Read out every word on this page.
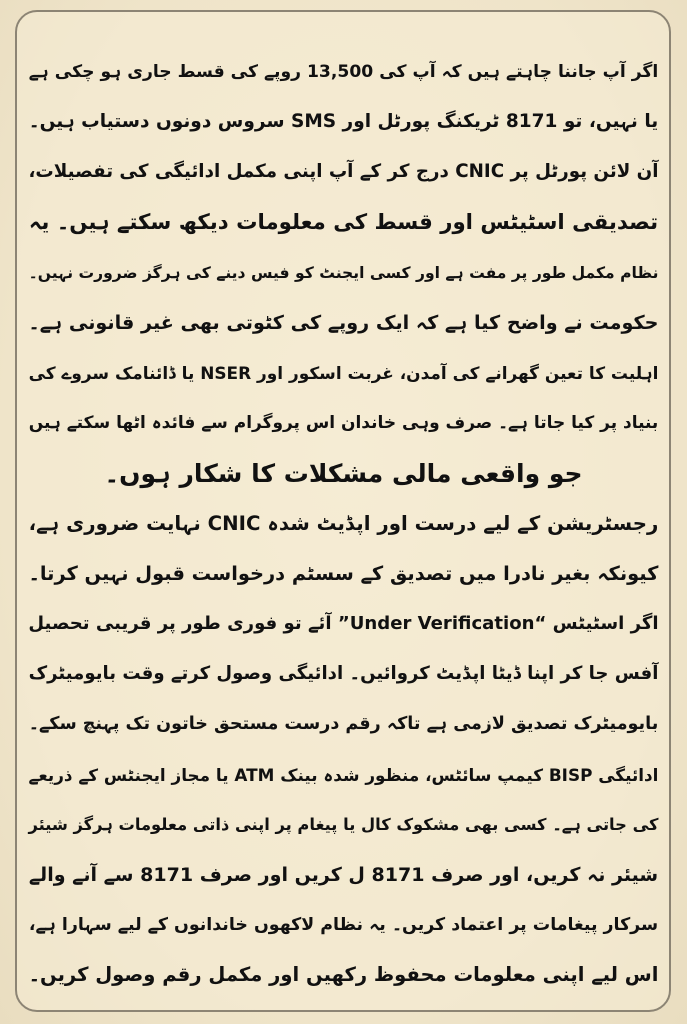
اگر آپ جاننا چاہتے ہیں کہ آپ کی 13,500 روپے کی قسط جاری ہو چکی ہے
یا نہیں، تو 8171 ٹریکنگ پورٹل اور SMS سروس دونوں دستیاب ہیں۔
آن لائن پورٹل پر CNIC درج کر کے آپ اپنی مکمل ادائیگی کی تفصیلات،
تصدیقی اسٹیٹس اور قسط کی معلومات دیکھ سکتے ہیں۔ یہ
نظام مکمل طور پر مفت ہے اور کسی ایجنٹ کو فیس دینے کی ہرگز ضرورت نہیں۔
حکومت نے واضح کیا ہے کہ ایک روپے کی کٹوتی بھی غیر قانونی ہے۔
اہلیت کا تعین گھرانے کی آمدن، غربت اسکور اور NSER یا ڈائنامک سروے کی
بنیاد پر کیا جاتا ہے۔ صرف وہی خاندان اس پروگرام سے فائدہ اٹھا سکتے ہیں
جو واقعی مالی مشکلات کا شکار ہوں۔
رجسٹریشن کے لیے درست اور اپڈیٹ شدہ CNIC نہایت ضروری ہے،
کیونکہ بغیر نادرا میں تصدیق کے سسٹم درخواست قبول نہیں کرتا۔
اگر اسٹیٹس “Under Verification” آئے تو فوری طور پر قریبی تحصیل
آفس جا کر اپنا ڈیٹا اپڈیٹ کروائیں۔ ادائیگی وصول کرتے وقت بایومیٹرک
بایومیٹرک تصدیق لازمی ہے تاکہ رقم درست مستحق خاتون تک پہنچ سکے۔
ادائیگی BISP کیمپ سائٹس، منظور شدہ بینک ATM یا مجاز ایجنٹس کے ذریعے
کی جاتی ہے۔ کسی بھی مشکوک کال یا پیغام پر اپنی ذاتی معلومات ہرگز شیئر
شیئر نہ کریں، اور صرف 8171 ل کریں اور صرف 8171 سے آنے والے
سرکار پیغامات پر اعتماد کریں۔ یہ نظام لاکھوں خاندانوں کے لیے سہارا ہے،
اس لیے اپنی معلومات محفوظ رکھیں اور مکمل رقم وصول کریں۔
